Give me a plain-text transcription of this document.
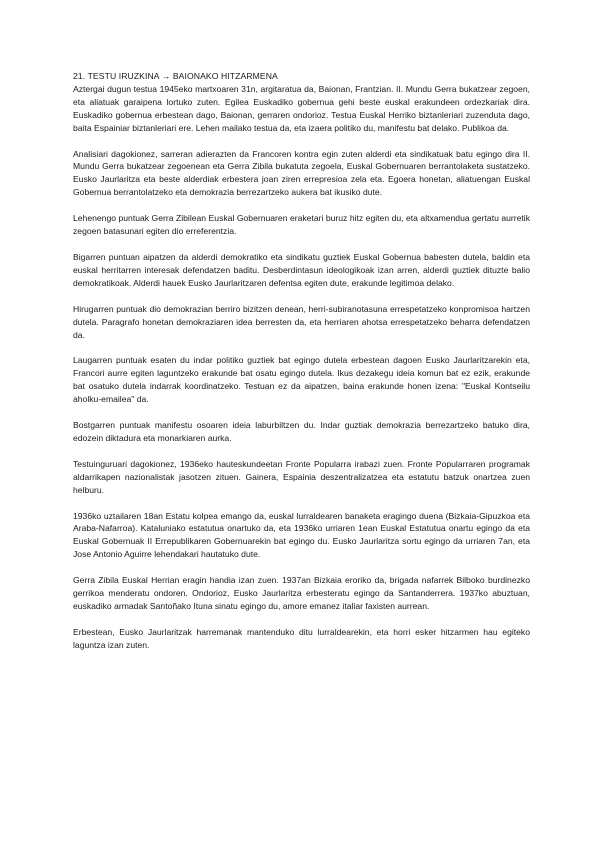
21. TESTU IRUZKINA → BAIONAKO HITZARMENA

Aztergai dugun testua 1945eko martxoaren 31n, argitaratua da, Baionan, Frantzian. II. Mundu Gerra bukatzear zegoen, eta aliatuak garaipena lortuko zuten. Egilea Euskadiko gobernua gehi beste euskal erakundeen ordezkariak dira. Euskadiko gobernua erbestean dago, Baionan, gerraren ondorioz. Testua Euskal Herriko biztanleriari zuzenduta dago, baita Espainiar biztanleriari ere. Lehen mailako testua da, eta izaera politiko du, manifestu bat delako. Publikoa da.

Analisiari dagokionez, sarreran adierazten da Francoren kontra egin zuten alderdi eta sindikatuak batu egingo dira II. Mundu Gerra bukatzear zegoenean eta Gerra Zibila bukatuta zegoela, Euskal Gobernuaren berrantolaketa sustatzeko. Eusko Jaurlaritza eta beste alderdiak erbestera joan ziren errepresioa zela eta. Egoera honetan, aliatuengan Euskal Gobernua berrantolatzeko eta demokrazia berrezartzeko aukera bat ikusiko dute.

Lehenengo puntuak Gerra Zibilean Euskal Gobernuaren eraketari buruz hitz egiten du, eta altxamendua gertatu aurretik zegoen batasunari egiten dio erreferentzia.

Bigarren puntuan aipatzen da alderdi demokratiko eta sindikatu guztiek Euskal Gobernua babesten dutela, baldin eta euskal herritarren interesak defendatzen baditu. Desberdintasun ideologikoak izan arren, alderdi guztiek dituzte balio demokratikoak. Alderdi hauek Eusko Jaurlaritzaren defentsa egiten dute, erakunde legitimoa delako.

Hirugarren puntuak dio demokrazian berriro bizitzen denean, herri-subiranotasuna errespetatzeko konpromisoa hartzen dutela. Paragrafo honetan demokraziaren idea berresten da, eta herriaren ahotsa errespetatzeko beharra defendatzen da.

Laugarren puntuak esaten du indar politiko guztiek bat egingo dutela erbestean dagoen Eusko Jaurlaritzarekin eta, Francori aurre egiten laguntzeko erakunde bat osatu egingo dutela. Ikus dezakegu ideia komun bat ez ezik, erakunde bat osatuko dutela indarrak koordinatzeko. Testuan ez da aipatzen, baina erakunde honen izena: "Euskal Kontseilu aholku-emailea" da.

Bostgarren puntuak manifestu osoaren ideia laburbiltzen du. Indar guztiak demokrazia berrezartzeko batuko dira, edozein diktadura eta monarkiaren aurka.

Testuinguruari dagokionez, 1936eko hauteskundeetan Fronte Popularra irabazi zuen. Fronte Popularraren programak aldarrikapen nazionalistak jasotzen zituen. Gainera, Espainia deszentralizatzea eta estatutu batzuk onartzea zuen helburu.

1936ko uztailaren 18an Estatu kolpea emango da, euskal lurraldearen banaketa eragingo duena (Bizkaia-Gipuzkoa eta Araba-Nafarroa). Kataluniako estatutua onartuko da, eta 1936ko urriaren 1ean Euskal Estatutua onartu egingo da eta Euskal Gobernuak II Errepublikaren Gobernuarekin bat egingo du. Eusko Jaurlaritza sortu egingo da urriaren 7an, eta Jose Antonio Aguirre lehendakari hautatuko dute.

Gerra Zibila Euskal Herrian eragin handia izan zuen. 1937an Bizkaia eroriko da, brigada nafarrek Bilboko burdinezko gerrikoa menderatu ondoren. Ondorioz, Eusko Jaurlaritza erbesteratu egingo da Santanderrera. 1937ko abuztuan, euskadiko armadak Santoñako Ituna sinatu egingo du, amore emanez italiar faxisten aurrean.

Erbestean, Eusko Jaurlaritzak harremanak mantenduko ditu lurraldearekin, eta horri esker hitzarmen hau egiteko laguntza izan zuten.
